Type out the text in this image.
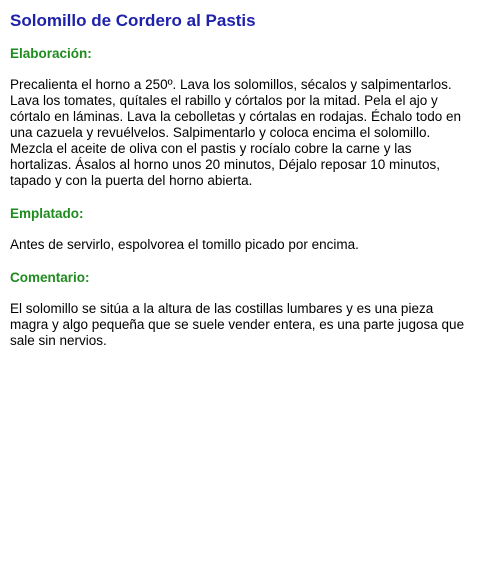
Solomillo de Cordero al Pastis
Elaboración:

Precalienta el horno a 250º. Lava los solomillos, sécalos y salpimentarlos. Lava los tomates, quítales el rabillo y córtalos por la mitad. Pela el ajo y córtalo en láminas. Lava la cebolletas y córtalas en rodajas. Échalo todo en una cazuela y revuélvelos. Salpimentarlo y coloca encima el solomillo. Mezcla el aceite de oliva con el pastis y rocíalo cobre la carne y las hortalizas. Ásalos al horno unos 20 minutos, Déjalo reposar 10 minutos, tapado y con la puerta del horno abierta.

Emplatado:

Antes de servirlo, espolvorea el tomillo picado por encima.

Comentario:

El solomillo se sitúa a la altura de las costillas lumbares y es una pieza magra y algo pequeña que se suele vender entera, es una parte jugosa que sale sin nervios.
